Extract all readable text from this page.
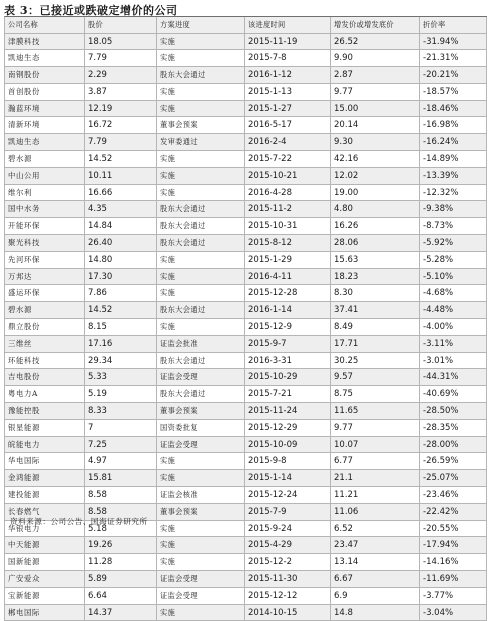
表 3：已接近或跌破定增价的公司
公司名称	股价	方案进度	该进度时间	增发价或增发底价	折价率
津膜科技	18.05	实施	2015-11-19	26.52	-31.94%
凯迪生态	7.79	实施	2015-7-8	9.90	-21.31%
南钢股份	2.29	股东大会通过	2016-1-12	2.87	-20.21%
首创股份	3.87	实施	2015-1-13	9.77	-18.57%
瀚蓝环境	12.19	实施	2015-1-27	15.00	-18.46%
清新环境	16.72	董事会预案	2016-5-17	20.14	-16.98%
凯迪生态	7.79	发审委通过	2016-2-4	9.30	-16.24%
碧水源	14.52	实施	2015-7-22	42.16	-14.89%
中山公用	10.11	实施	2015-10-21	12.02	-13.39%
维尔利	16.66	实施	2016-4-28	19.00	-12.32%
国中水务	4.35	股东大会通过	2015-11-2	4.80	-9.38%
开能环保	14.84	股东大会通过	2015-10-31	16.26	-8.73%
聚光科技	26.40	股东大会通过	2015-8-12	28.06	-5.92%
先河环保	14.80	实施	2015-1-29	15.63	-5.28%
万邦达	17.30	实施	2016-4-11	18.23	-5.10%
盛运环保	7.86	实施	2015-12-28	8.30	-4.68%
碧水源	14.52	股东大会通过	2016-1-14	37.41	-4.48%
鼎立股份	8.15	实施	2015-12-9	8.49	-4.00%
三维丝	17.16	证监会批准	2015-9-7	17.71	-3.11%
环能科技	29.34	股东大会通过	2016-3-31	30.25	-3.01%
吉电股份	5.33	证监会受理	2015-10-29	9.57	-44.31%
粤电力A	5.19	股东大会通过	2015-7-21	8.75	-40.69%
豫能控股	8.33	董事会预案	2015-11-24	11.65	-28.50%
银星能源	7	国资委批复	2015-12-29	9.77	-28.35%
皖能电力	7.25	证监会受理	2015-10-09	10.07	-28.00%
华电国际	4.97	实施	2015-9-8	6.77	-26.59%
金鸿能源	15.81	实施	2015-1-14	21.1	-25.07%
建投能源	8.58	证监会核准	2015-12-24	11.21	-23.46%
长春燃气	8.58	董事会预案	2015-7-9	11.06	-22.42%
华银电力	5.18	实施	2015-9-24	6.52	-20.55%
中天能源	19.26	实施	2015-4-29	23.47	-17.94%
国新能源	11.28	实施	2015-12-2	13.14	-14.16%
广安爱众	5.89	证监会受理	2015-11-30	6.67	-11.69%
宝新能源	6.64	证监会受理	2015-12-12	6.9	-3.77%
郴电国际	14.37	实施	2014-10-15	14.8	-3.04%
资料来源：公司公告、国海证券研究所
